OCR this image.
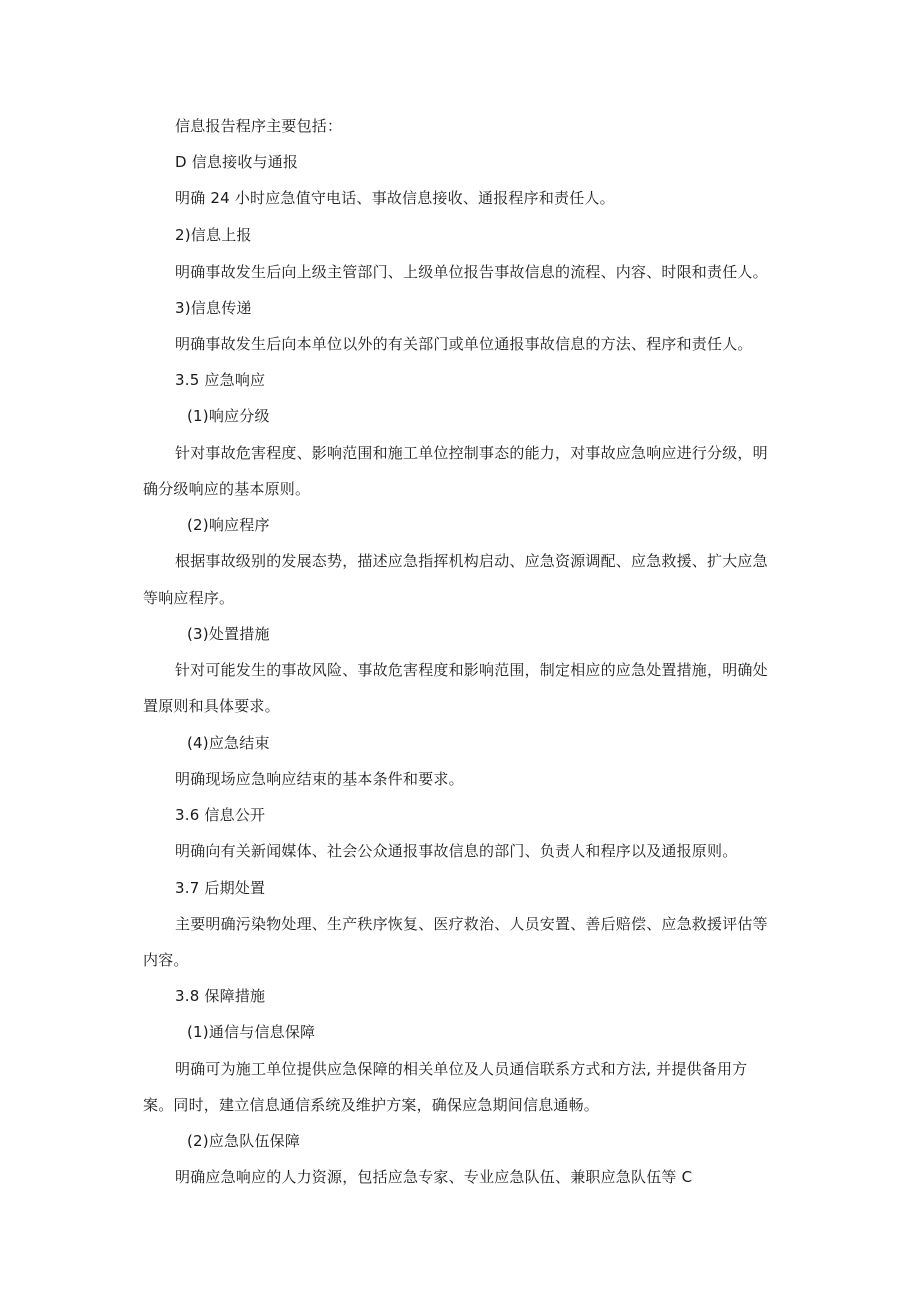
信息报告程序主要包括：
D 信息接收与通报
明确 24 小时应急值守电话、事故信息接收、通报程序和责任人。
2)信息上报
明确事故发生后向上级主管部门、上级单位报告事故信息的流程、内容、时限和责任人。
3)信息传递
明确事故发生后向本单位以外的有关部门或单位通报事故信息的方法、程序和责任人。
3.5 应急响应
(1)响应分级
针对事故危害程度、影响范围和施工单位控制事态的能力，对事故应急响应进行分级，明
确分级响应的基本原则。
(2)响应程序
根据事故级别的发展态势，描述应急指挥机构启动、应急资源调配、应急救援、扩大应急
等响应程序。
(3)处置措施
针对可能发生的事故风险、事故危害程度和影响范围，制定相应的应急处置措施，明确处
置原则和具体要求。
(4)应急结束
明确现场应急响应结束的基本条件和要求。
3.6 信息公开
明确向有关新闻媒体、社会公众通报事故信息的部门、负责人和程序以及通报原则。
3.7 后期处置
主要明确污染物处理、生产秩序恢复、医疗救治、人员安置、善后赔偿、应急救援评估等
内容。
3.8 保障措施
(1)通信与信息保障
明确可为施工单位提供应急保障的相关单位及人员通信联系方式和方法, 并提供备用方
案。同时，建立信息通信系统及维护方案，确保应急期间信息通畅。
(2)应急队伍保障
明确应急响应的人力资源，包括应急专家、专业应急队伍、兼职应急队伍等 C
